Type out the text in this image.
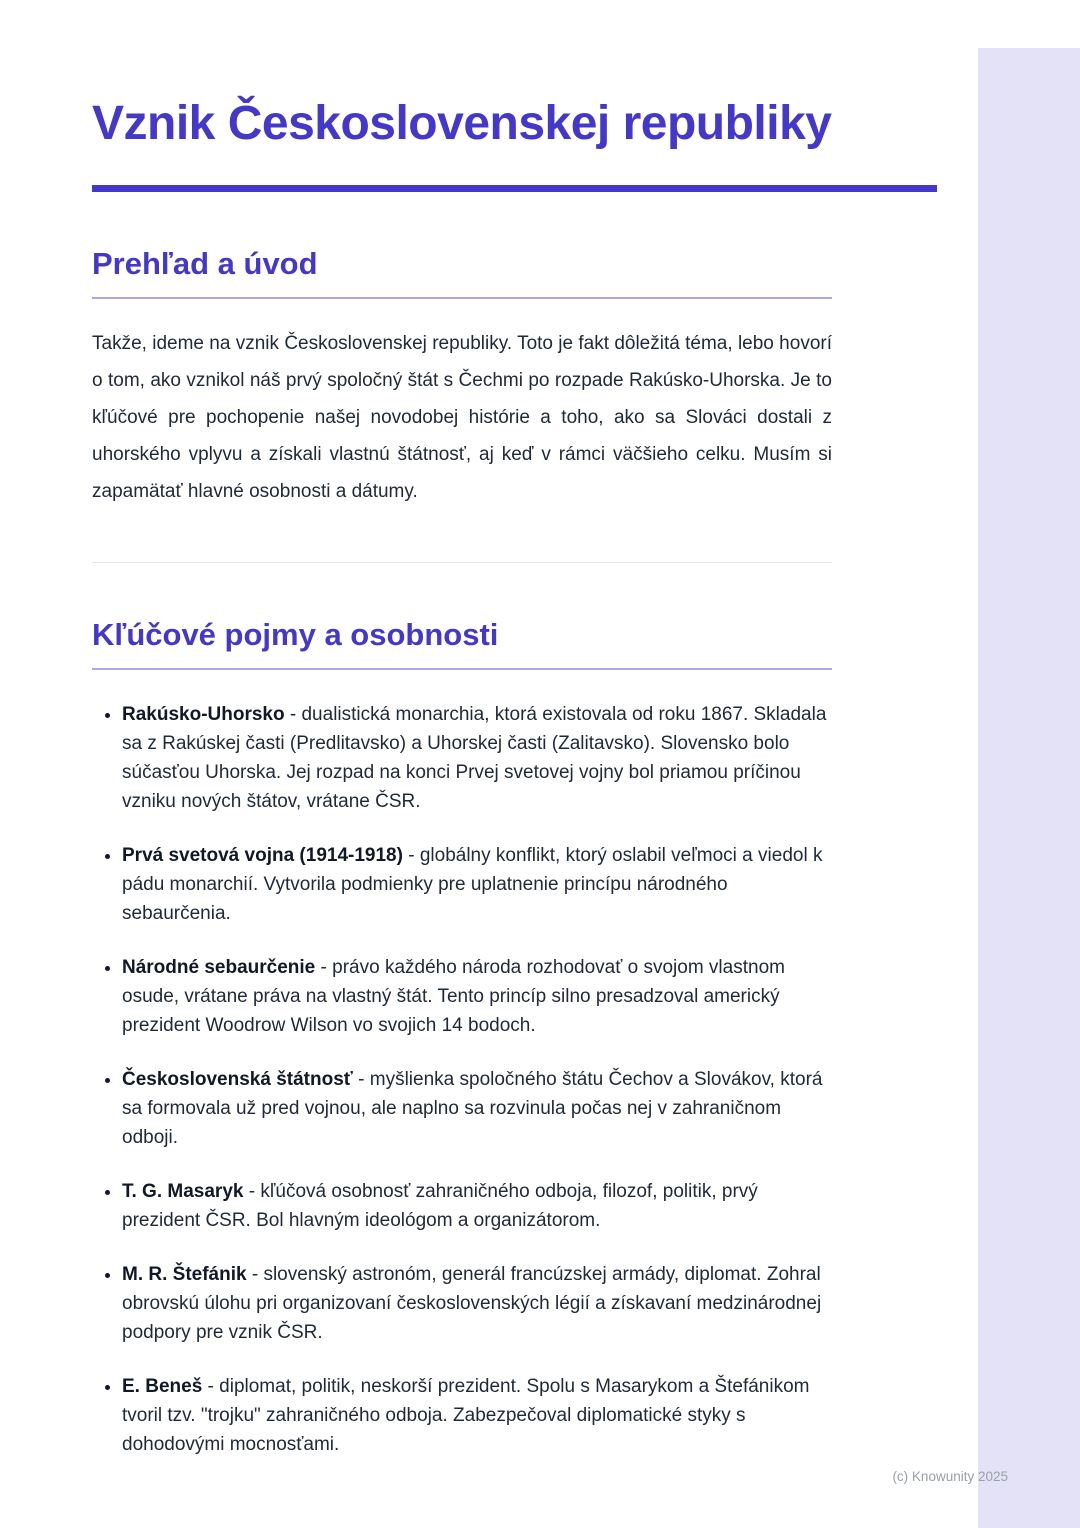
Vznik Československej republiky
Prehľad a úvod

Takže, ideme na vznik Československej republiky. Toto je fakt dôležitá téma, lebo hovorí o tom, ako vznikol náš prvý spoločný štát s Čechmi po rozpade Rakúsko-Uhorska. Je to kľúčové pre pochopenie našej novodobej histórie a toho, ako sa Slováci dostali z uhorského vplyvu a získali vlastnú štátnosť, aj keď v rámci väčšieho celku. Musím si zapamätať hlavné osobnosti a dátumy.

Kľúčové pojmy a osobnosti
• Rakúsko-Uhorsko - dualistická monarchia, ktorá existovala od roku 1867. Skladala sa z Rakúskej časti (Predlitavsko) a Uhorskej časti (Zalitavsko). Slovensko bolo súčasťou Uhorska. Jej rozpad na konci Prvej svetovej vojny bol priamou príčinou vzniku nových štátov, vrátane ČSR.
• Prvá svetová vojna (1914-1918) - globálny konflikt, ktorý oslabil veľmoci a viedol k pádu monarchií. Vytvorila podmienky pre uplatnenie princípu národného sebaurčenia.
• Národné sebaurčenie - právo každého národa rozhodovať o svojom vlastnom osude, vrátane práva na vlastný štát. Tento princíp silno presadzoval americký prezident Woodrow Wilson vo svojich 14 bodoch.
• Československá štátnosť - myšlienka spoločného štátu Čechov a Slovákov, ktorá sa formovala už pred vojnou, ale naplno sa rozvinula počas nej v zahraničnom odboji.
• T. G. Masaryk - kľúčová osobnosť zahraničného odboja, filozof, politik, prvý prezident ČSR. Bol hlavným ideológom a organizátorom.
• M. R. Štefánik - slovenský astronóm, generál francúzskej armády, diplomat. Zohral obrovskú úlohu pri organizovaní československých légií a získavaní medzinárodnej podpory pre vznik ČSR.
• E. Beneš - diplomat, politik, neskorší prezident. Spolu s Masarykom a Štefánikom tvoril tzv. "trojku" zahraničného odboja. Zabezpečoval diplomatické styky s dohodovými mocnosťami.
(c) Knowunity 2025
